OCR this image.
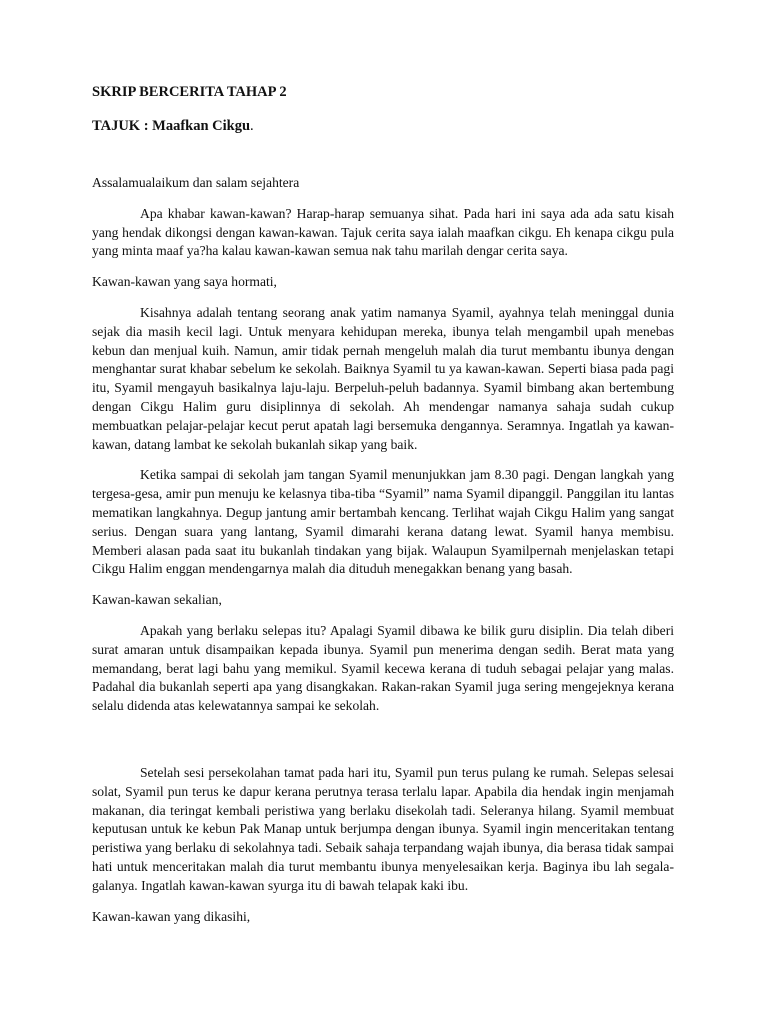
SKRIP BERCERITA TAHAP 2
TAJUK : Maafkan Cikgu.

Assalamualaikum dan salam sejahtera

Apa khabar kawan-kawan? Harap-harap semuanya sihat. Pada hari ini saya ada ada satu kisah yang hendak dikongsi dengan kawan-kawan. Tajuk cerita saya ialah maafkan cikgu. Eh kenapa cikgu pula yang minta maaf ya?ha kalau kawan-kawan semua nak tahu marilah dengar cerita saya.

Kawan-kawan yang saya hormati,

Kisahnya adalah tentang seorang anak yatim namanya Syamil, ayahnya telah meninggal dunia sejak dia masih kecil lagi. Untuk menyara kehidupan mereka, ibunya telah mengambil upah menebas kebun dan menjual kuih. Namun, amir tidak pernah mengeluh malah dia turut membantu ibunya dengan menghantar surat khabar sebelum ke sekolah. Baiknya Syamil tu ya kawan-kawan. Seperti biasa pada pagi itu, Syamil mengayuh basikalnya laju-laju. Berpeluh-peluh badannya. Syamil bimbang akan bertembung dengan Cikgu Halim guru disiplinnya di sekolah. Ah mendengar namanya sahaja sudah cukup membuatkan pelajar-pelajar kecut perut apatah lagi bersemuka dengannya. Seramnya. Ingatlah ya kawan-kawan, datang lambat ke sekolah bukanlah sikap yang baik.

Ketika sampai di sekolah jam tangan Syamil menunjukkan jam 8.30 pagi. Dengan langkah yang tergesa-gesa, amir pun menuju ke kelasnya tiba-tiba “Syamil” nama Syamil dipanggil. Panggilan itu lantas mematikan langkahnya. Degup jantung amir bertambah kencang. Terlihat wajah Cikgu Halim yang sangat serius. Dengan suara yang lantang, Syamil dimarahi kerana datang lewat. Syamil hanya membisu. Memberi alasan pada saat itu bukanlah tindakan yang bijak. Walaupun Syamilpernah menjelaskan tetapi Cikgu Halim enggan mendengarnya malah dia dituduh menegakkan benang yang basah.

Kawan-kawan sekalian,

Apakah yang berlaku selepas itu? Apalagi Syamil dibawa ke bilik guru disiplin. Dia telah diberi surat amaran untuk disampaikan kepada ibunya. Syamil pun menerima dengan sedih. Berat mata yang memandang, berat lagi bahu yang memikul. Syamil kecewa kerana di tuduh sebagai pelajar yang malas. Padahal dia bukanlah seperti apa yang disangkakan. Rakan-rakan Syamil juga sering mengejeknya kerana selalu didenda atas kelewatannya sampai ke sekolah.

Setelah sesi persekolahan tamat pada hari itu, Syamil pun terus pulang ke rumah. Selepas selesai solat, Syamil pun terus ke dapur kerana perutnya terasa terlalu lapar. Apabila dia hendak ingin menjamah makanan, dia teringat kembali peristiwa yang berlaku disekolah tadi. Seleranya hilang. Syamil membuat keputusan untuk ke kebun Pak Manap untuk berjumpa dengan ibunya. Syamil ingin menceritakan tentang peristiwa yang berlaku di sekolahnya tadi. Sebaik sahaja terpandang wajah ibunya, dia berasa tidak sampai hati untuk menceritakan malah dia turut membantu ibunya menyelesaikan kerja. Baginya ibu lah segala-galanya. Ingatlah kawan-kawan syurga itu di bawah telapak kaki ibu.

Kawan-kawan yang dikasihi,
